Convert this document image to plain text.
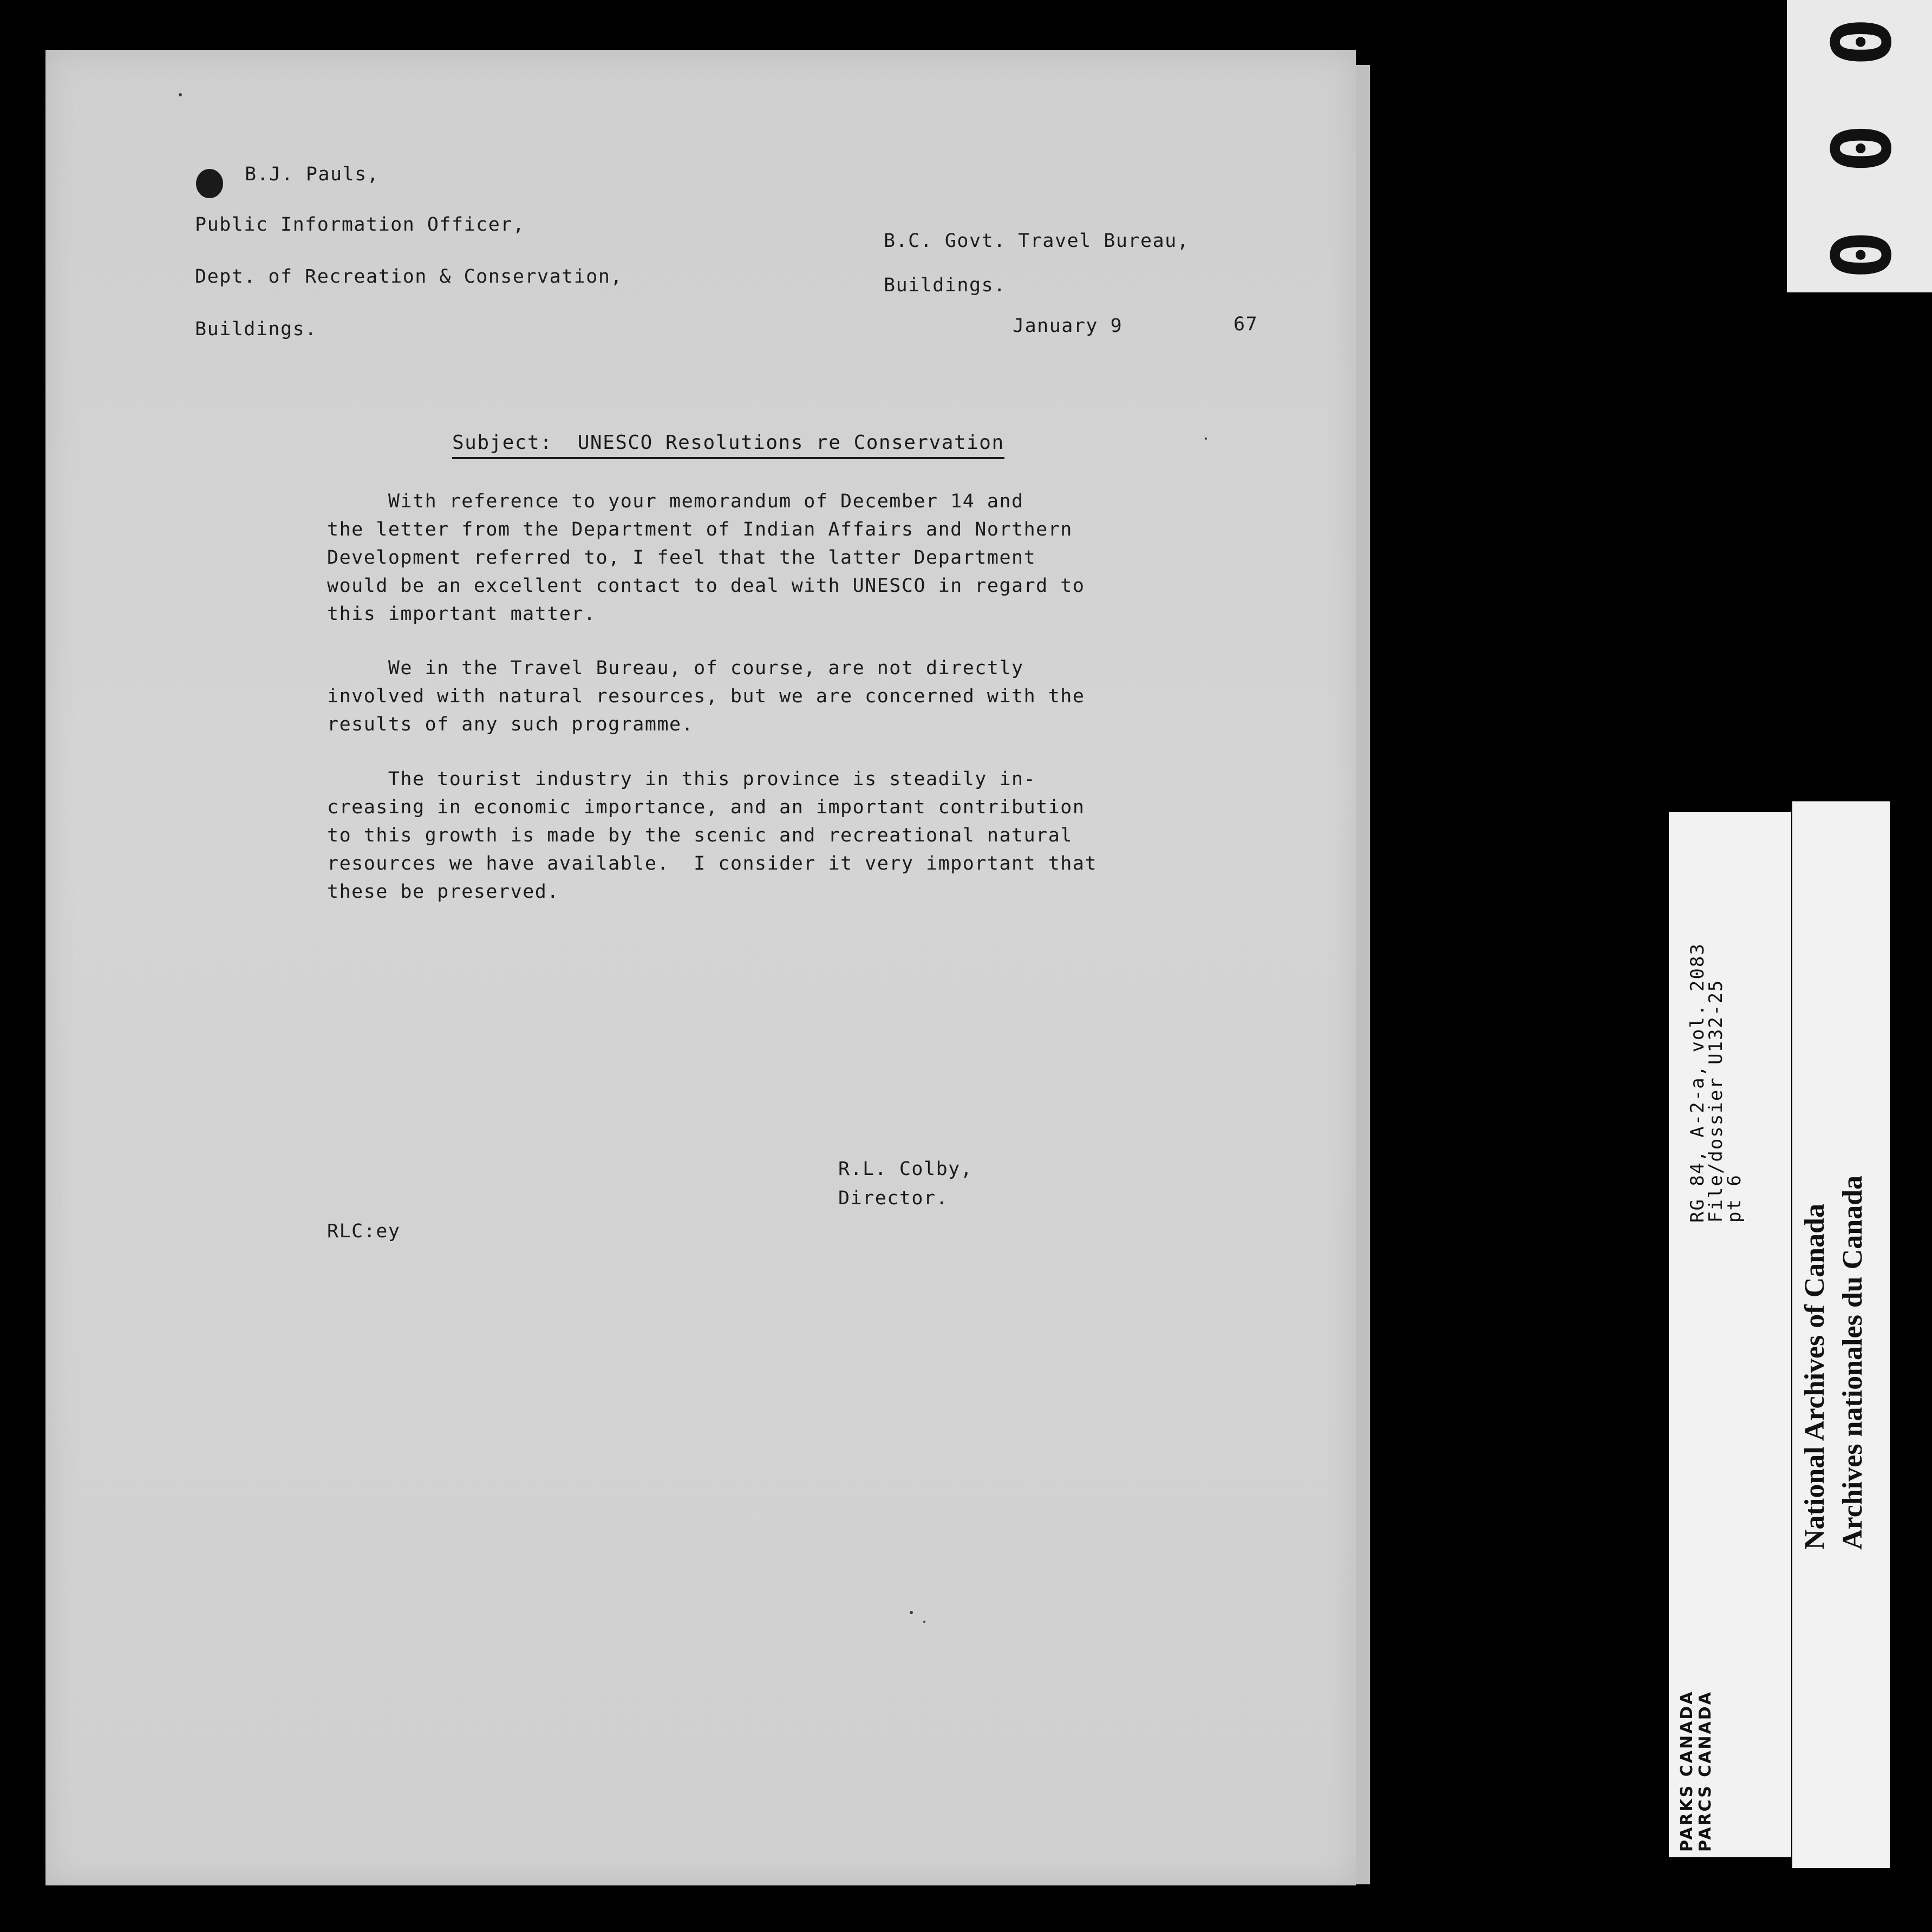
B.J. Pauls,
Public Information Officer,
Dept. of Recreation & Conservation,
Buildings.
B.C. Govt. Travel Bureau,
Buildings.
January 9	67
Subject:  UNESCO Resolutions re Conservation
With reference to your memorandum of December 14 and
the letter from the Department of Indian Affairs and Northern
Development referred to, I feel that the latter Department
would be an excellent contact to deal with UNESCO in regard to
this important matter.
We in the Travel Bureau, of course, are not directly
involved with natural resources, but we are concerned with the
results of any such programme.
The tourist industry in this province is steadily in-
creasing in economic importance, and an important contribution
to this growth is made by the scenic and recreational natural
resources we have available.  I consider it very important that
these be preserved.
R.L. Colby,
Director.
RLC:ey
0 0 0
RG 84, A-2-a, vol. 2083
File/dossier U132-25
pt 6
PARKS CANADA PARCS CANADA
National Archives of Canada Archives nationales du Canada
